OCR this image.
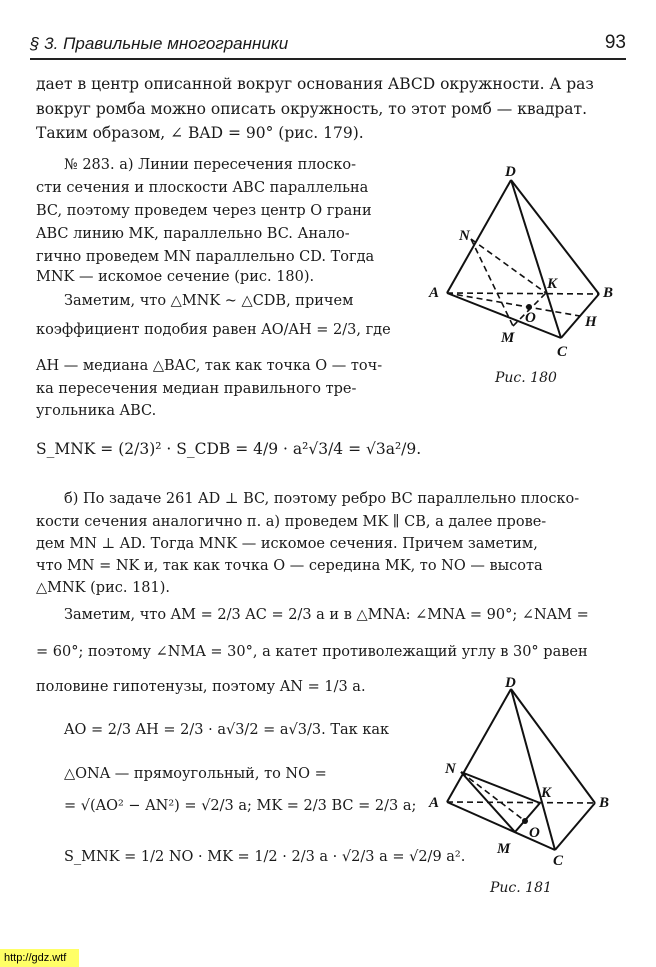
§ 3. Правильные многогранники	93
дает в центр описанной вокруг основания ABCD окружности. А раз
вокруг ромба можно описать окружность, то этот ромб — квадрат.
Таким образом, ∠ BAD = 90° (рис. 179).
№ 283. а) Линии пересечения плоско-
сти сечения и плоскости ABC параллельна
BC, поэтому проведем через центр O грани
ABC линию MK, параллельно BC. Анало-
гично проведем MN параллельно CD. Тогда
MNK — искомое сечение (рис. 180).
Заметим, что △MNK ~ △CDB, причем
коэффициент подобия равен AO/AH = 2/3, где
AH — медиана △BAC, так как точка O — точ-
ка пересечения медиан правильного тре-
угольника ABC.
S_MNK = (2/3)² · S_CDB = 4/9 · a²√3/4 = √3a²/9.
D
N
A
K
B
O	H
M
C
Рис. 180
б) По задаче 261 AD ⊥ BC, поэтому ребро BC параллельно плоско-
кости сечения аналогично п. а) проведем MK ∥ CB, а далее прове-
дем MN ⊥ AD. Тогда MNK — искомое сечения. Причем заметим,
что MN = NK и, так как точка O — середина MK, то NO — высота
△MNK (рис. 181).
Заметим, что AM = 2/3 AC = 2/3 a и в △MNA: ∠MNA = 90°; ∠NAM =
= 60°; поэтому ∠NMA = 30°, а катет противолежащий углу в 30° равен
половине гипотенузы, поэтому AN = 1/3 a.
AO = 2/3 AH = 2/3 · a√3/2 = a√3/3. Так как
△ONA — прямоугольный, то NO =
= √(AO² − AN²) = √2/3 a; MK = 2/3 BC = 2/3 a;
S_MNK = 1/2 NO · MK = 1/2 · 2/3 a · √2/3 a = √2/9 a².
D
N
A
K
B
O
M
C
Рис. 181
http://gdz.wtf
